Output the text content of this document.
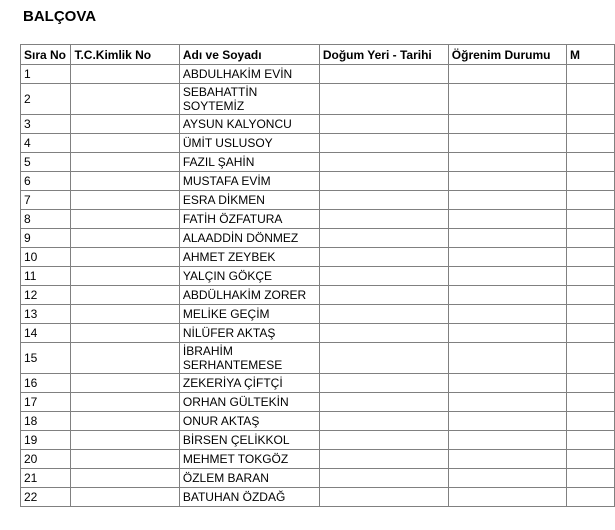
BALÇOVA
Sıra No	T.C.Kimlik No	Adı ve Soyadı	Doğum Yeri - Tarihi	Öğrenim Durumu	M
1		ABDULHAKİM EVİN			
2		SEBAHATTİN SOYTEMİZ			
3		AYSUN KALYONCU			
4		ÜMİT USLUSOY			
5		FAZIL ŞAHİN			
6		MUSTAFA EVİM			
7		ESRA DİKMEN			
8		FATİH ÖZFATURA			
9		ALAADDİN DÖNMEZ			
10		AHMET ZEYBEK			
11		YALÇIN GÖKÇE			
12		ABDÜLHAKİM ZORER			
13		MELİKE GEÇİM			
14		NİLÜFER AKTAŞ			
15		İBRAHİM SERHANTEMESE			
16		ZEKERİYA ÇİFTÇİ			
17		ORHAN GÜLTEKİN			
18		ONUR AKTAŞ			
19		BİRSEN ÇELİKKOL			
20		MEHMET TOKGÖZ			
21		ÖZLEM BARAN			
22		BATUHAN ÖZDAĞ			
